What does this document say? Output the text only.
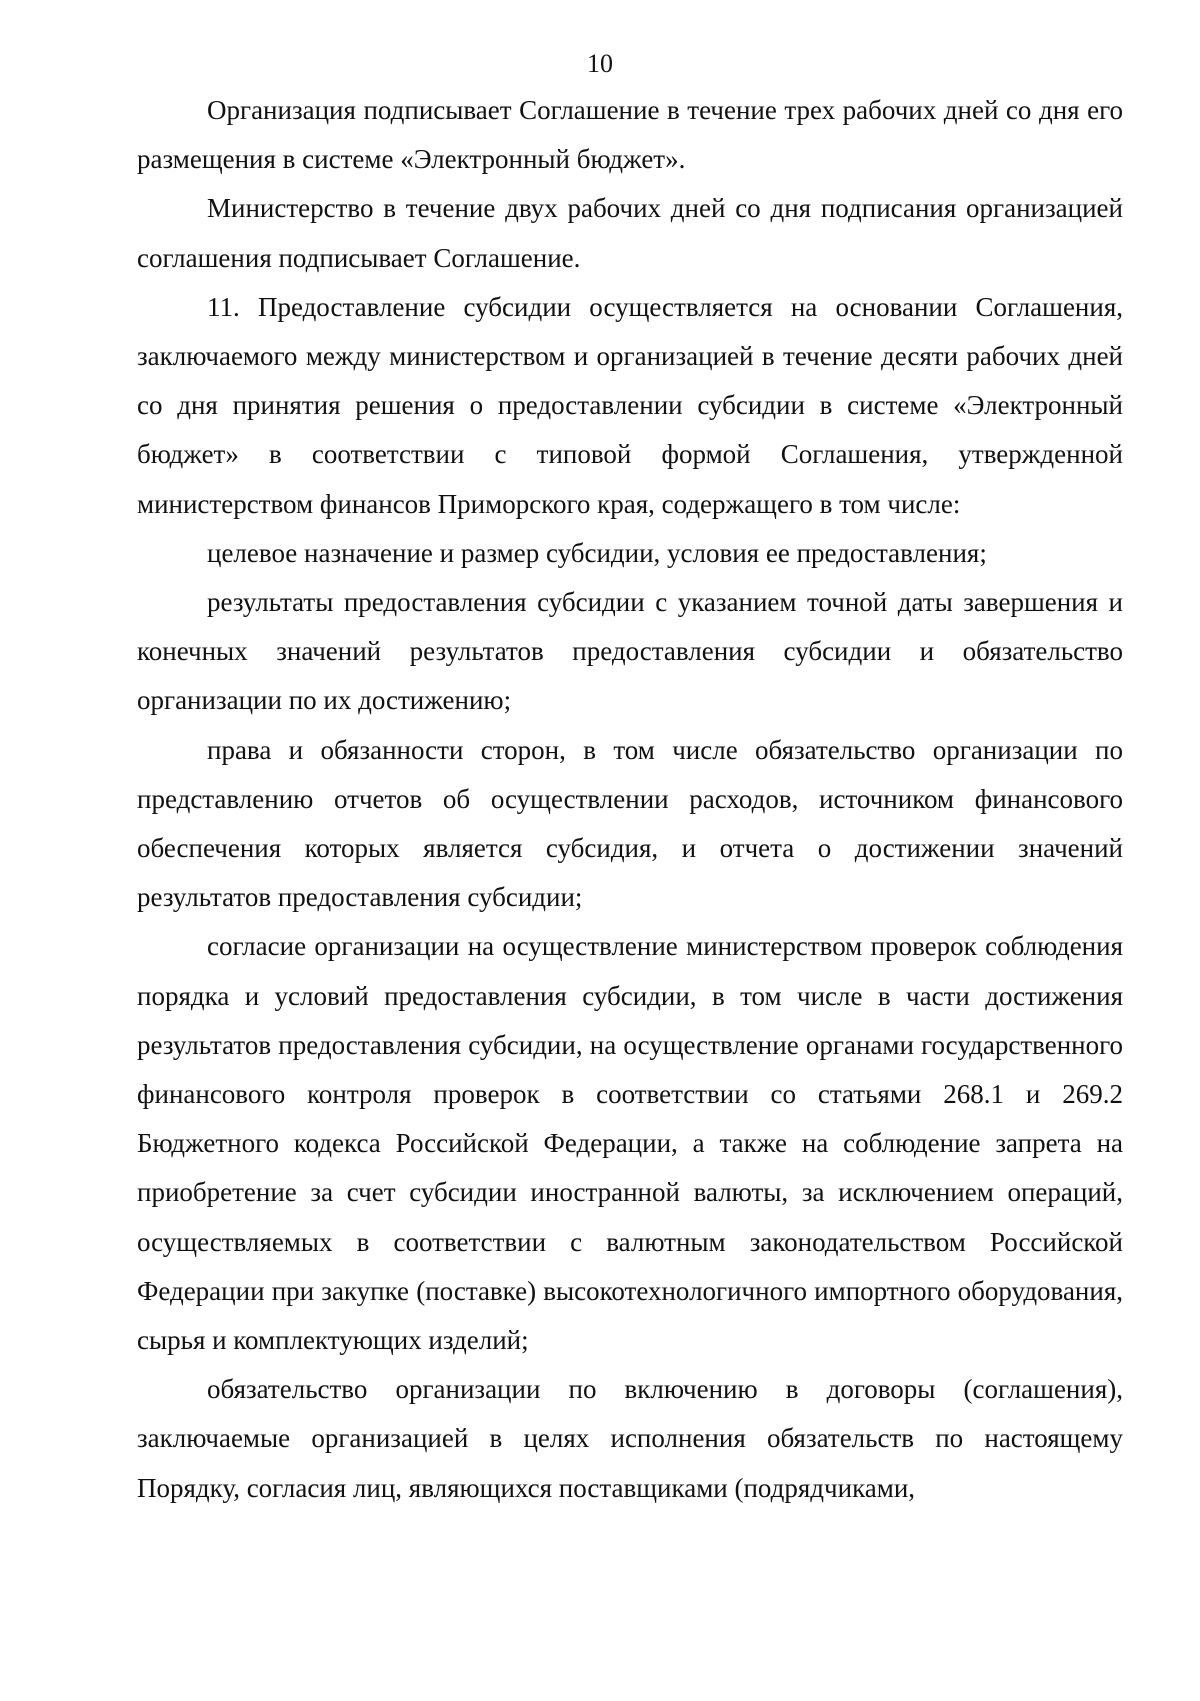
10

Организация подписывает Соглашение в течение трех рабочих дней со дня его размещения в системе «Электронный бюджет».

Министерство в течение двух рабочих дней со дня подписания организацией соглашения подписывает Соглашение.

11. Предоставление субсидии осуществляется на основании Соглашения, заключаемого между министерством и организацией в течение десяти рабочих дней со дня принятия решения о предоставлении субсидии в системе «Электронный бюджет» в соответствии с типовой формой Соглашения, утвержденной министерством финансов Приморского края, содержащего в том числе:

целевое назначение и размер субсидии, условия ее предоставления;

результаты предоставления субсидии с указанием точной даты завершения и конечных значений результатов предоставления субсидии и обязательство организации по их достижению;

права и обязанности сторон, в том числе обязательство организации по представлению отчетов об осуществлении расходов, источником финансового обеспечения которых является субсидия, и отчета о достижении значений результатов предоставления субсидии;

согласие организации на осуществление министерством проверок соблюдения порядка и условий предоставления субсидии, в том числе в части достижения результатов предоставления субсидии, на осуществление органами государственного финансового контроля проверок в соответствии со статьями 268.1 и 269.2 Бюджетного кодекса Российской Федерации, а также на соблюдение запрета на приобретение за счет субсидии иностранной валюты, за исключением операций, осуществляемых в соответствии с валютным законодательством Российской Федерации при закупке (поставке) высокотехнологичного импортного оборудования, сырья и комплектующих изделий;

обязательство организации по включению в договоры (соглашения), заключаемые организацией в целях исполнения обязательств по настоящему Порядку, согласия лиц, являющихся поставщиками (подрядчиками,
